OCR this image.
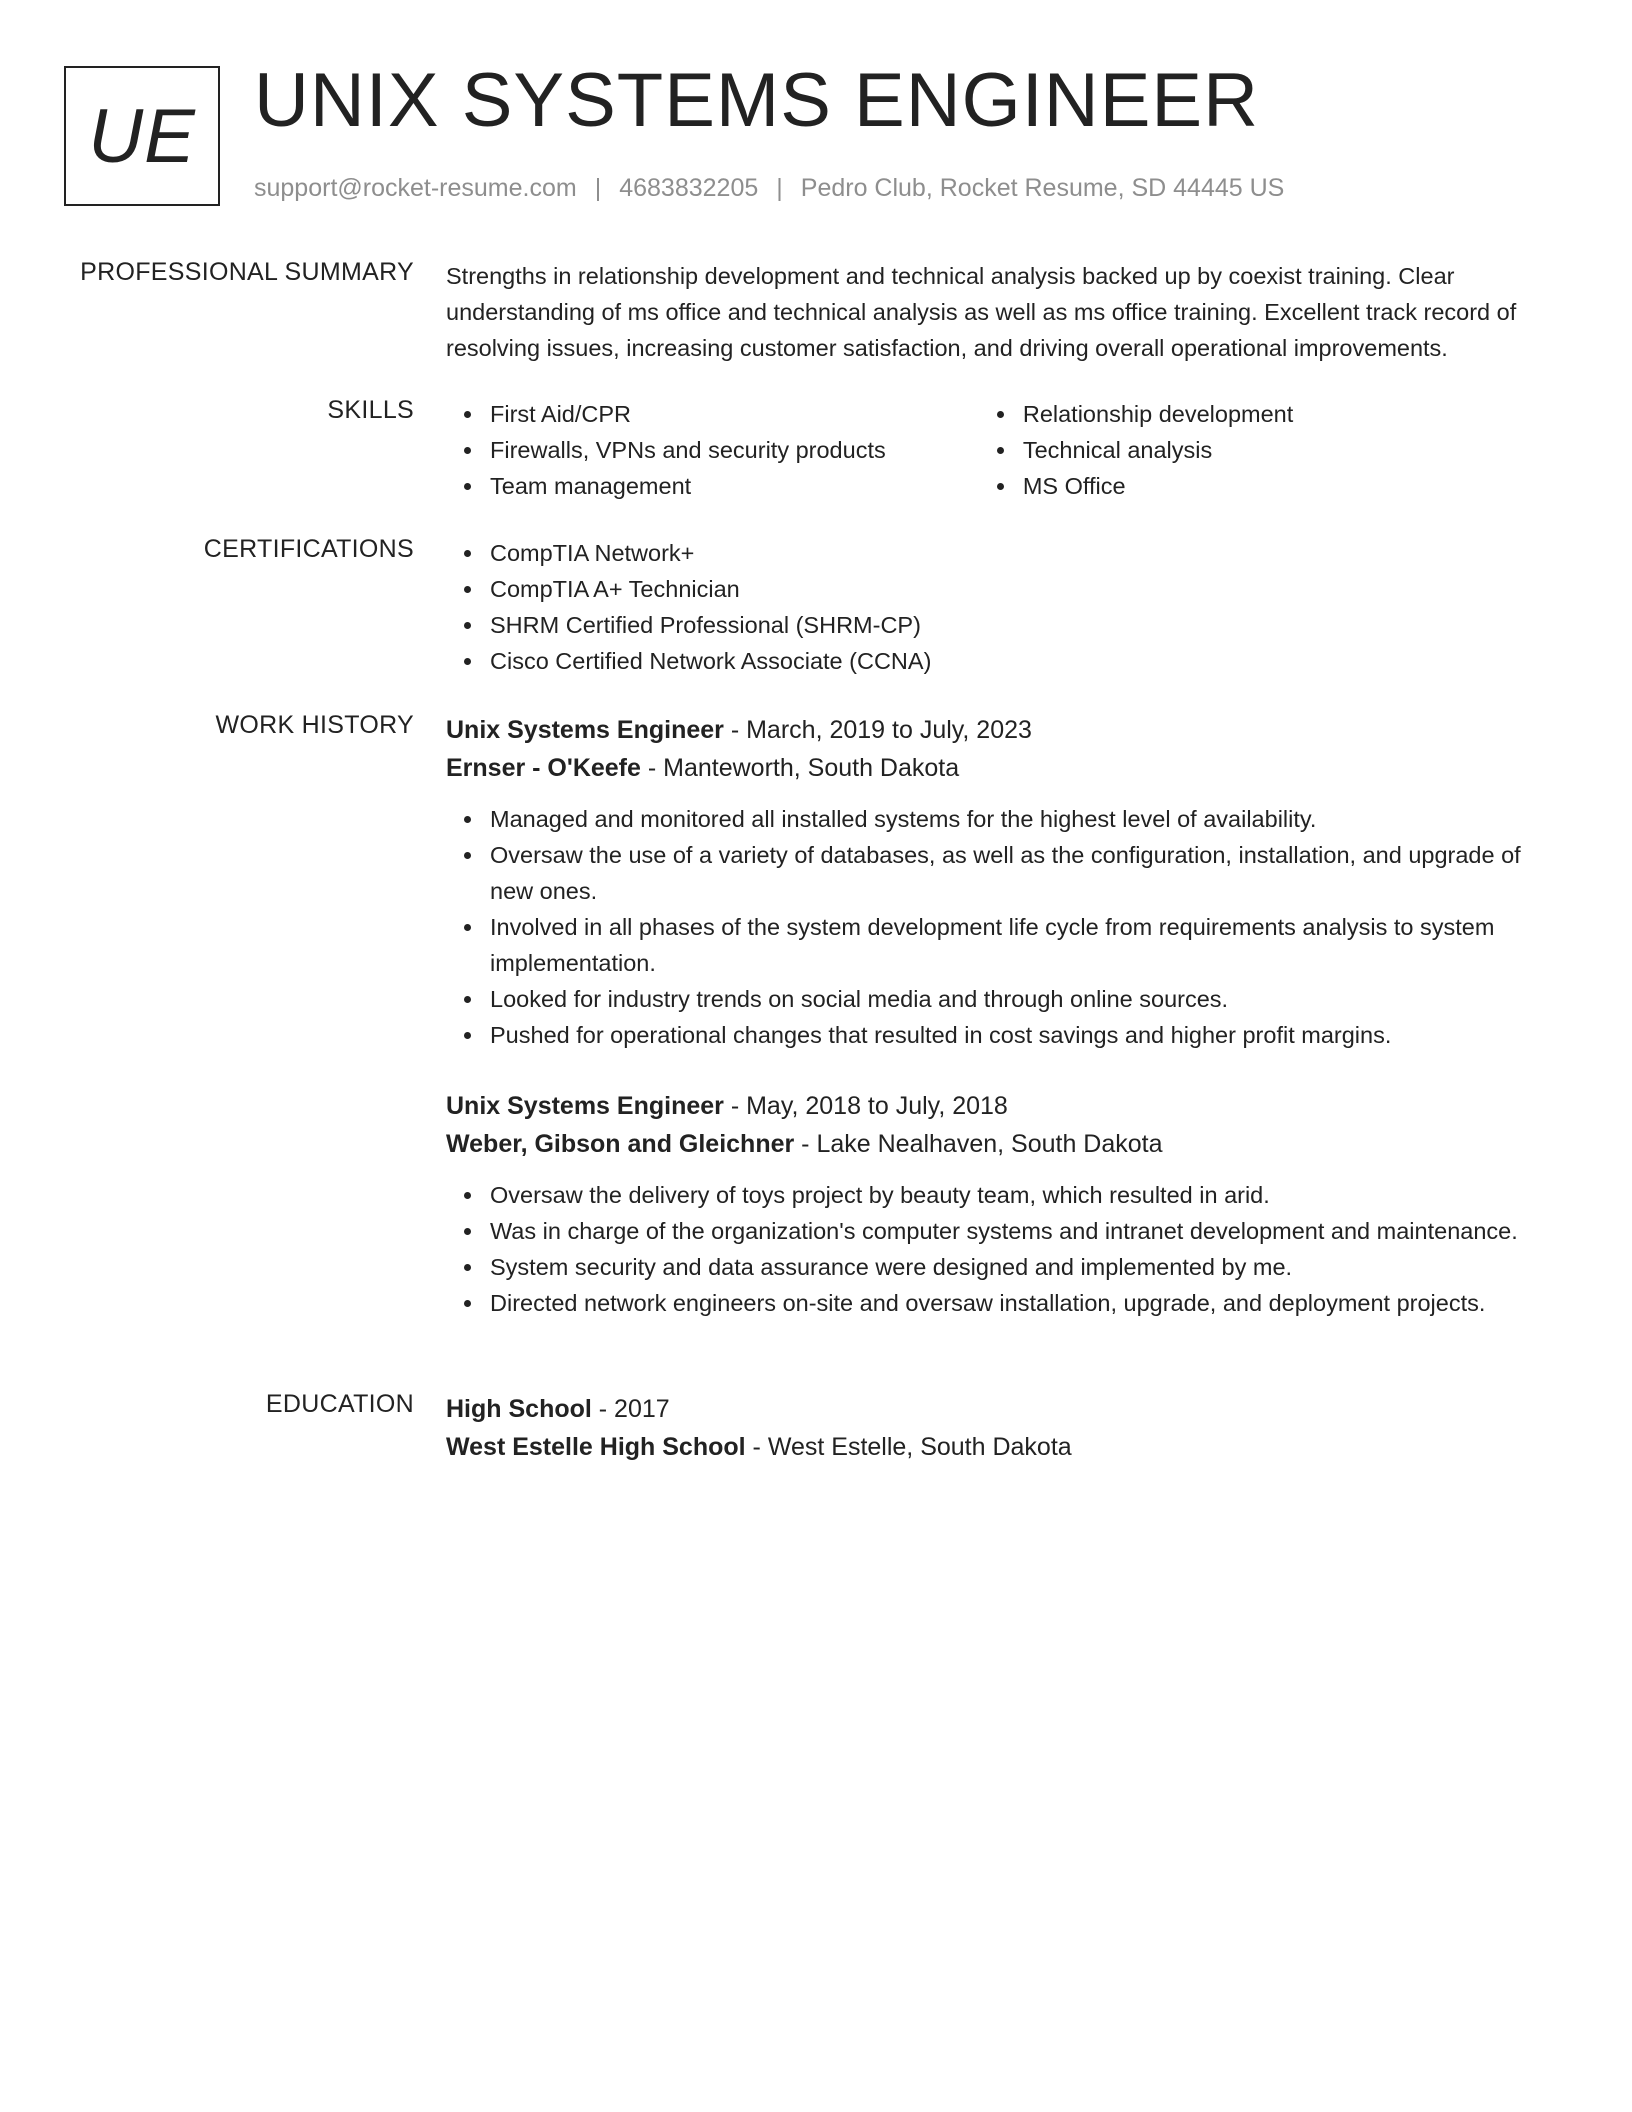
UE UNIX SYSTEMS ENGINEER
support@rocket-resume.com | 4683832205 | Pedro Club, Rocket Resume, SD 44445 US
PROFESSIONAL SUMMARY Strengths in relationship development and technical analysis backed up by coexist training. Clear understanding of ms office and technical analysis as well as ms office training. Excellent track record of resolving issues, increasing customer satisfaction, and driving overall operational improvements.

SKILLS	First Aid/CPR
Firewalls, VPNs and security products
Team management
Relationship development
Technical analysis
MS Office
CERTIFICATIONS	CompTIA Network+
CompTIA A+ Technician
SHRM Certified Professional (SHRM-CP)
Cisco Certified Network Associate (CCNA)
WORK HISTORY Unix Systems Engineer - March, 2019 to July, 2023
Ernser - O'Keefe - Manteworth, South Dakota
Managed and monitored all installed systems for the highest level of availability.
Oversaw the use of a variety of databases, as well as the configuration, installation, and upgrade of new ones.
Involved in all phases of the system development life cycle from requirements analysis to system implementation.
Looked for industry trends on social media and through online sources.
Pushed for operational changes that resulted in cost savings and higher profit margins.
Unix Systems Engineer - May, 2018 to July, 2018
Weber, Gibson and Gleichner - Lake Nealhaven, South Dakota
Oversaw the delivery of toys project by beauty team, which resulted in arid.
Was in charge of the organization's computer systems and intranet development and maintenance.
System security and data assurance were designed and implemented by me.
Directed network engineers on-site and oversaw installation, upgrade, and deployment projects.
EDUCATION High School - 2017
West Estelle High School - West Estelle, South Dakota
